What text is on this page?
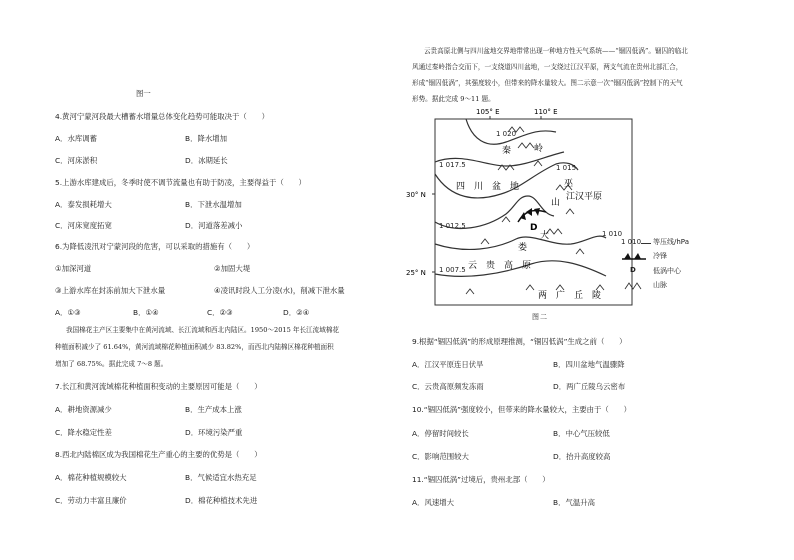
图一
4.黄河宁蒙河段最大槽蓄水增量总体变化趋势可能取决于（　　）
A．水库调蓄	B．降水增加
C．河床淤积	D．冰期延长
5.上游水库建成后，冬季时使不调节流量也有助于防凌，主要得益于（　　）
A．泰发损耗增大	B．下泄水温增加
C．河床宽度拓宽	D．河道落差减小
6.为降低凌汛对宁蒙河段的危害，可以采取的措施有（　　）
①加深河道	②加固大堤
③上游水库在封冻前加大下泄水量	④凌讯时段人工分凌(水)，削减下泄水量
A．①③	B．①④	C．②③	D．②④
我国棉花主产区主要集中在黄河流域、长江流域和西北内陆区。1950～2015 年长江流域棉花
种植面积减少了 61.64%，黄河流域棉花种植面积减少 83.82%，而西北内陆棉区棉花种植面积
增加了 68.75%。据此完成 7～8 题。
7.长江和黄河流域棉花种植面积变动的主要原因可能是（　　）
A．耕地资源减少	B．生产成本上涨
C．降水稳定性差	D．环境污染严重
8.西北内陆棉区成为我国棉花生产重心的主要的优势是（　　）
A．棉花种植规模较大	B．气候适宜水热充足
C．劳动力丰富且廉价	D．棉花种植技术先进
云贵高原北侧与四川盆地交界地带常出现一种地方性天气系统——“锢囚低涡”。锢囚的临北
风通过秦岭指合交而下，一支绕道四川盆地，一支绕过江汉平原，两支气流在贵州北部汇合，
形成“锢囚低涡”，其强度较小，但带来的降水量较大。图二示意一次“锢囚低涡”控制下的天气
形势。据此完成 9～11 题。
105° E	110° E
30° N
25° N
1 020
1 017.5	1 015
1 012.5
1 010
1 007.5
秦	岭
四　川　盆　地	巫
山
江汉平原
云　贵　高　原
大
娄
两　广　丘　陵
D
1 010 等压线/hPa
冷锋
D 低涡中心
山脉
图二
9.根据“锢囚低涡”的形成原理推测，“锢囚低涡”生成之前（　　）
A．江汉平原连日伏旱	B．四川盆地气温骤降
C．云贵高原频发冻雨	D．两广丘陵乌云密布
10.“锢囚低涡”强度较小，但带来的降水量较大，主要由于（　　）
A．停留时间较长	B．中心气压较低
C．影响范围较大	D．抬升高度较高
11.“锢囚低涡”过境后，贵州北部（　　）
A．风速增大	B．气温升高
